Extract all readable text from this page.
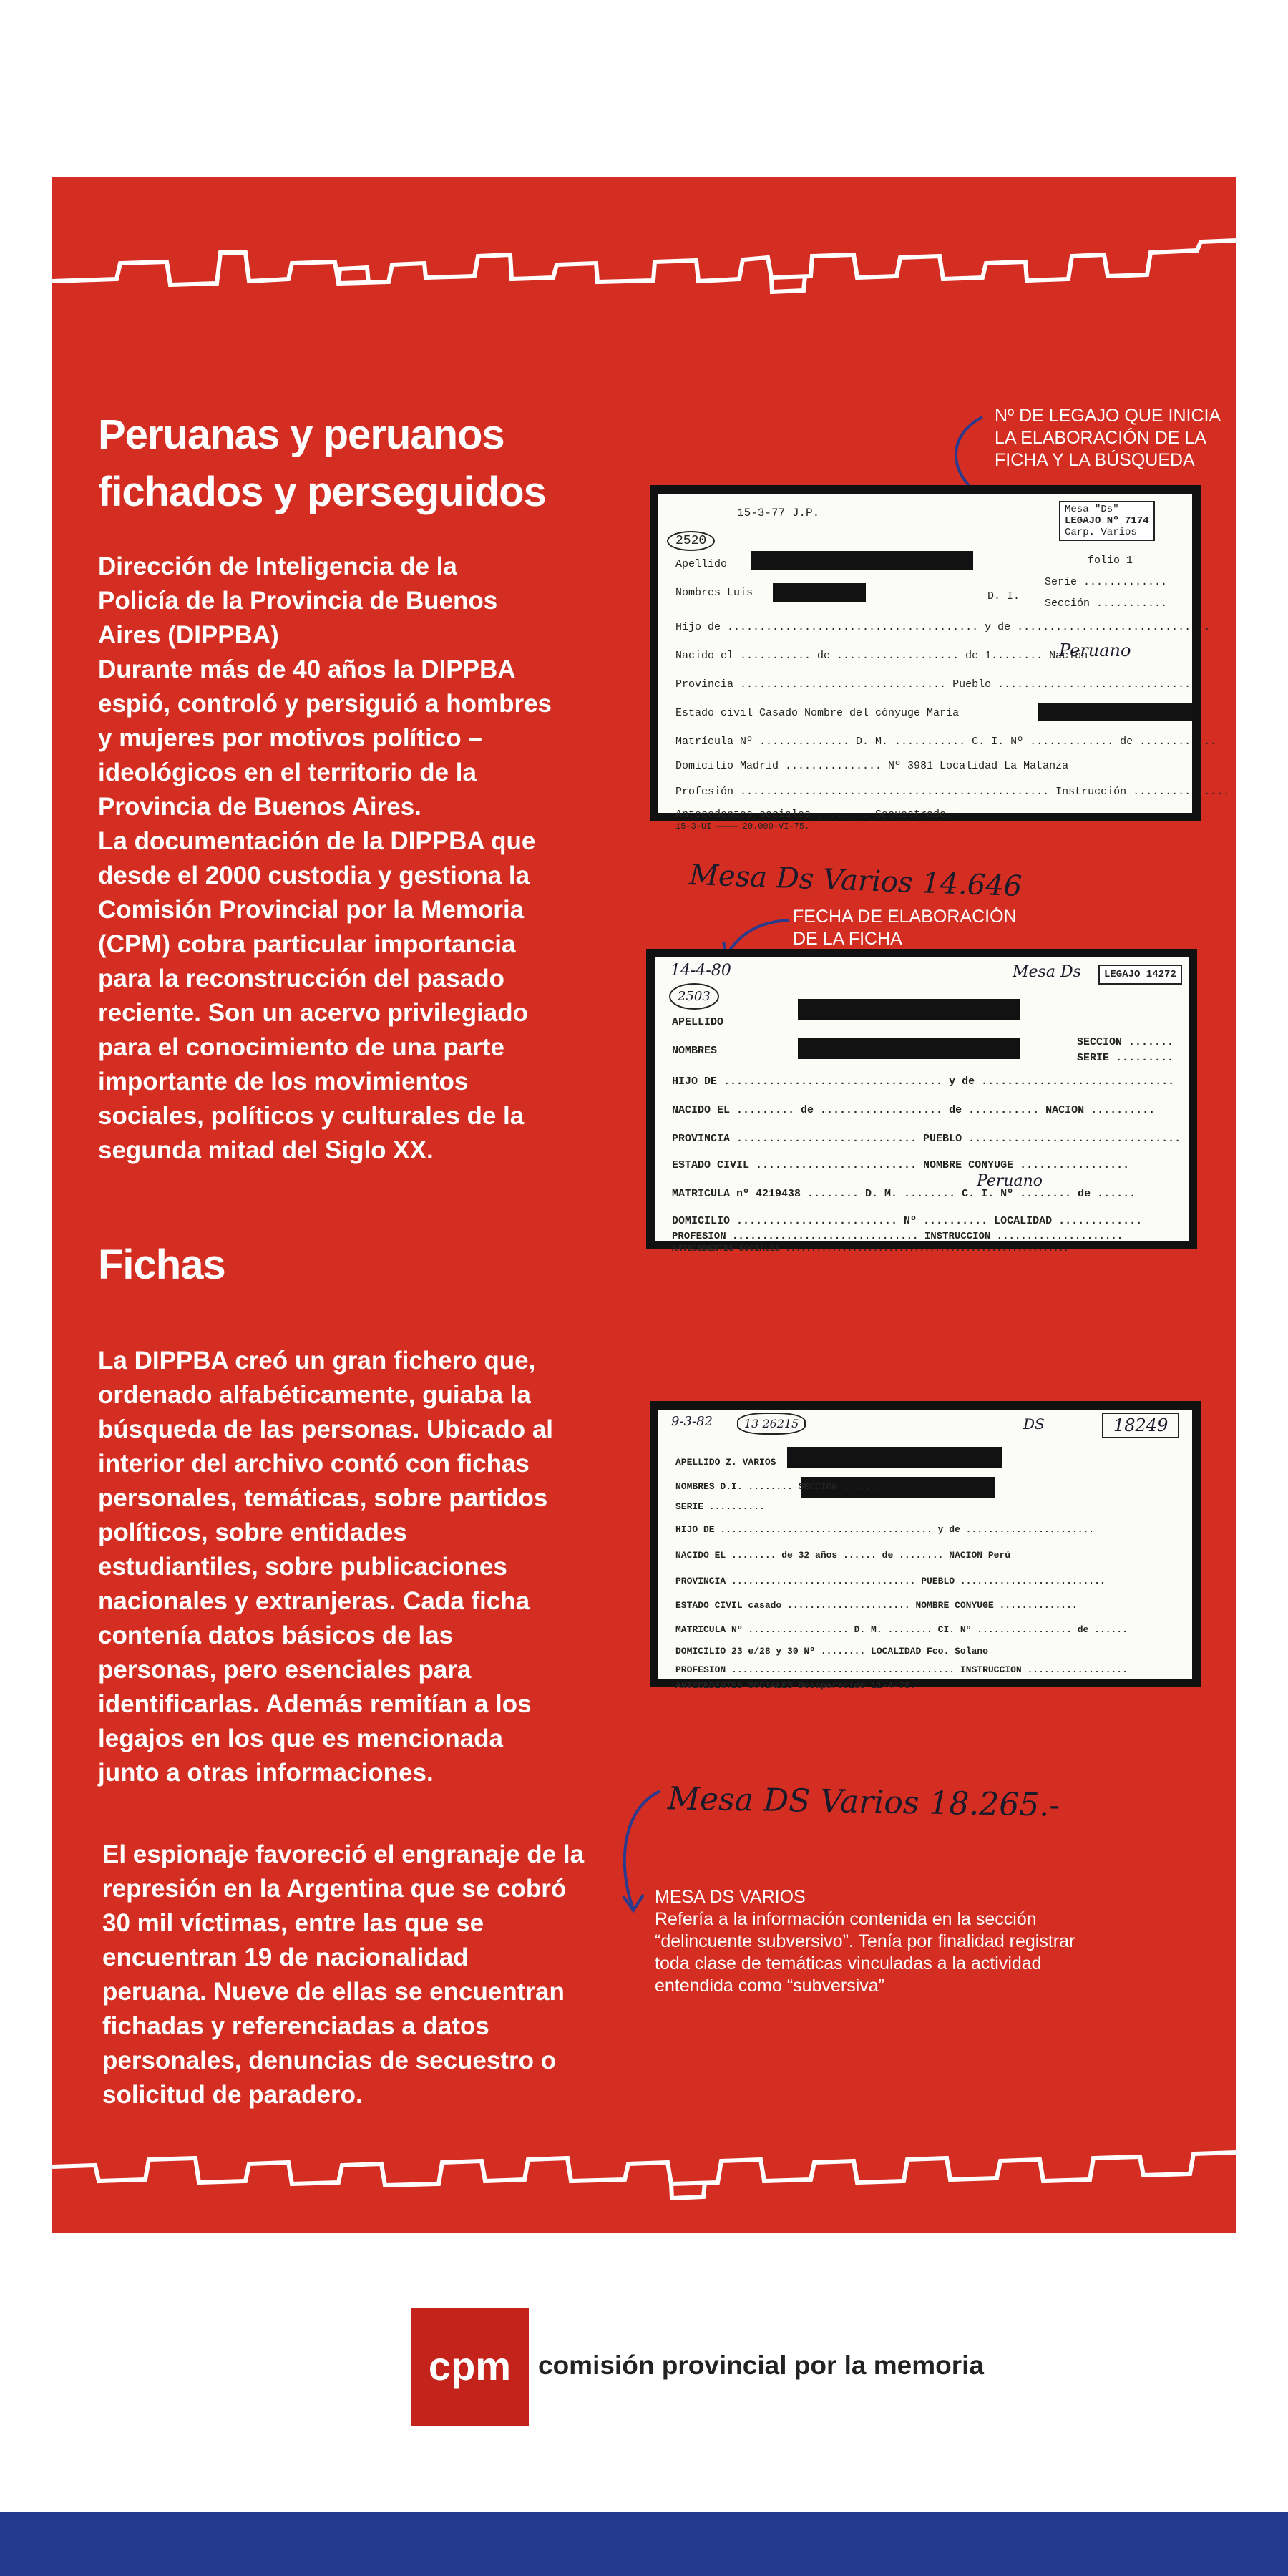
Peruanas y peruanos
fichados y perseguidos
Dirección de Inteligencia de la
Policía de la Provincia de Buenos
Aires (DIPPBA)
Durante más de 40 años la DIPPBA
espió, controló y persiguió a hombres
y mujeres por motivos político –
ideológicos en el territorio de la
Provincia de Buenos Aires.
La documentación de la DIPPBA que
desde el 2000 custodia y gestiona la
Comisión Provincial por la Memoria
(CPM) cobra particular importancia
para la reconstrucción del pasado
reciente. Son un acervo privilegiado
para el conocimiento de una parte
importante de los movimientos
sociales, políticos y culturales de la
segunda mitad del Siglo XX.
Fichas
La DIPPBA creó un gran fichero que,
ordenado alfabéticamente, guiaba la
búsqueda de las personas. Ubicado al
interior del archivo contó con fichas
personales, temáticas, sobre partidos
políticos, sobre entidades
estudiantiles, sobre publicaciones
nacionales y extranjeras. Cada ficha
contenía datos básicos de las
personas, pero esenciales para
identificarlas. Además remitían a los
legajos en los que es mencionada
junto a otras informaciones.
El espionaje favoreció el engranaje de la
represión en la Argentina que se cobró
30 mil víctimas, entre las que se
encuentran 19 de nacionalidad
peruana. Nueve de ellas se encuentran
fichadas y referenciadas a datos
personales, denuncias de secuestro o
solicitud de paradero.
Nº DE LEGAJO QUE INICIA
LA ELABORACIÓN DE LA
FICHA Y LA BÚSQUEDA
FECHA DE ELABORACIÓN
DE LA FICHA
MESA DS VARIOS
Refería a la información contenida en la sección
“delincuente subversivo”. Tenía por finalidad registrar
toda clase de temáticas vinculadas a la actividad
entendida como “subversiva”
15-3-77 J.P.	Mesa "Ds"
LEGAJO Nº 7174
Carp. Varios
2520
folio 1
Apellido
Nombres Luis	D. I.
Serie .............
Sección ...........
Hijo de ....................................... y de ..............................
Nacido el ........... de ................... de 1........ Nación
Peruano
Provincia ................................ Pueblo ...............................
Estado civil Casado Nombre del cónyuge María
Matrícula Nº .............. D. M. ........... C. I. Nº ............. de ............
Domicilio Madrid ............... Nº 3981 Localidad La Matanza
Profesión ................................................ Instrucción ...............
Antecedentes sociales ........ Secuestrado.-
15-3-UI ———— 20.000-VI-75.
Mesa Ds Varios 14.646
14-4-80
2503
Mesa Ds	LEGAJO 14272
APELLIDO
NOMBRES
SECCION .......
SERIE .........
HIJO DE .................................. y de ..............................
NACIDO EL ......... de ................... de ........... NACION ..........
PROVINCIA ............................ PUEBLO .................................
ESTADO CIVIL ......................... NOMBRE CONYUGE .................
Peruano
MATRICULA nº 4219438 ........ D. M. ........ C. I. Nº ........ de ......
DOMICILIO ......................... Nº .......... LOCALIDAD .............
PROFESION ............................... INSTRUCCION .....................
ANTECEDENTES SOCIALES .......................................................
9-3-82	13 26215	DS	18249
APELLIDO Z. VARIOS
NOMBRES D.I. ........ SECCION ........
SERIE ..........
HIJO DE ...................................... y de .......................
NACIDO EL ........ de 32 años ...... de ........ NACION Perú
PROVINCIA ................................. PUEBLO ..........................
ESTADO CIVIL casado ...................... NOMBRE CONYUGE ..............
MATRICULA Nº .................. D. M. ........ CI. Nº ................. de ......
DOMICILIO 23 e/28 y 30 Nº ........ LOCALIDAD Fco. Solano
PROFESION ........................................ INSTRUCCION ..................
ANTECEDENTES SOCIALES Desaparecido 11-4-78.
Mesa DS Varios 18.265.-
cpm	comisión provincial por la memoria
